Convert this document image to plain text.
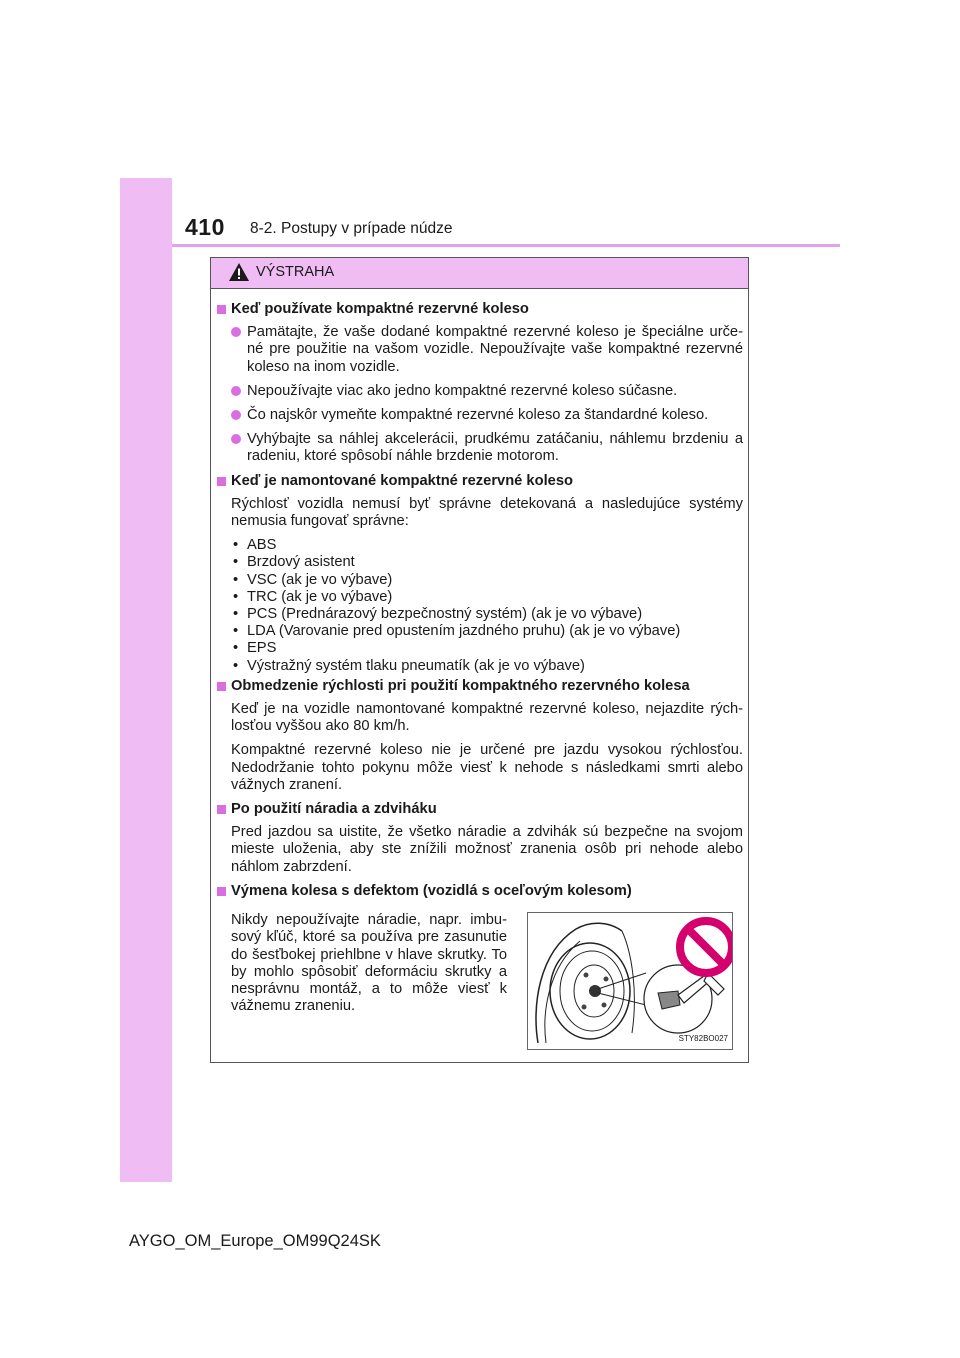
410 8-2. Postupy v prípade núdze
VÝSTRAHA
Keď používate kompaktné rezervné koleso
Pamätajte, že vaše dodané kompaktné rezervné koleso je špeciálne urče-né pre použitie na vašom vozidle. Nepoužívajte vaše kompaktné rezervné koleso na inom vozidle.
Nepoužívajte viac ako jedno kompaktné rezervné koleso súčasne.
Čo najskôr vymeňte kompaktné rezervné koleso za štandardné koleso.
Vyhýbajte sa náhlej akcelerácii, prudkému zatáčaniu, náhlemu brzdeniu a radeniu, ktoré spôsobí náhle brzdenie motorom.
Keď je namontované kompaktné rezervné koleso
Rýchlosť vozidla nemusí byť správne detekovaná a nasledujúce systémy nemusia fungovať správne:
• ABS
• Brzdový asistent
• VSC (ak je vo výbave)
• TRC (ak je vo výbave)
• PCS (Prednárazový bezpečnostný systém) (ak je vo výbave)
• LDA (Varovanie pred opustením jazdného pruhu) (ak je vo výbave)
• EPS
• Výstražný systém tlaku pneumatík (ak je vo výbave)
Obmedzenie rýchlosti pri použití kompaktného rezervného kolesa
Keď je na vozidle namontované kompaktné rezervné koleso, nejazdite rých-losťou vyššou ako 80 km/h.
Kompaktné rezervné koleso nie je určené pre jazdu vysokou rýchlosťou. Nedodržanie tohto pokynu môže viesť k nehode s následkami smrti alebo vážnych zranení.
Po použití náradia a zdviháku
Pred jazdou sa uistite, že všetko náradie a zdvihák sú bezpečne na svojom mieste uloženia, aby ste znížili možnosť zranenia osôb pri nehode alebo náhlom zabrzdení.
Výmena kolesa s defektom (vozidlá s oceľovým kolesom)
Nikdy nepoužívajte náradie, napr. imbu-sový kľúč, ktoré sa používa pre zasunutie do šesťbokej priehlbne v hlave skrutky. To by mohlo spôsobiť deformáciu skrutky a nesprávnu montáž, a to môže viesť k vážnemu zraneniu.
STY82BO027
AYGO_OM_Europe_OM99Q24SK
